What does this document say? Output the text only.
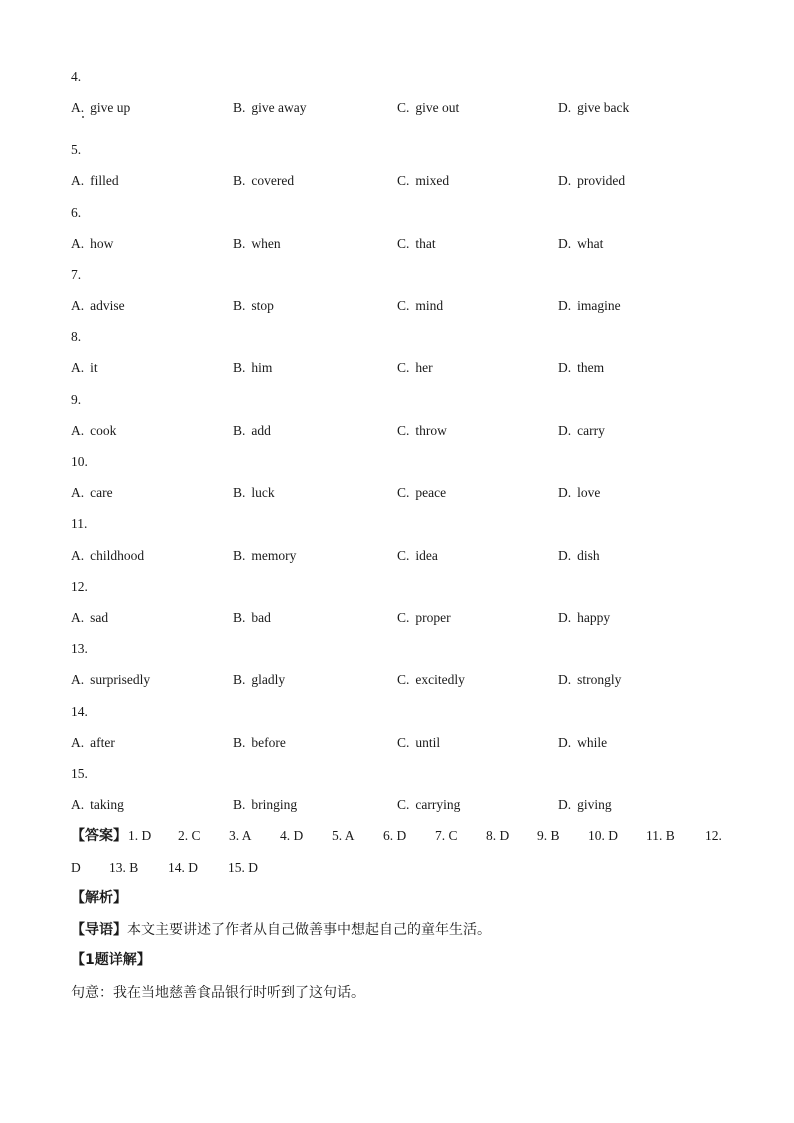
4.
A. give up	B. give away	C. give out	D. give back
5.
A. filled	B. covered	C. mixed	D. provided
6.
A. how	B. when	C. that	D. what
7.
A. advise	B. stop	C. mind	D. imagine
8.
A. it	B. him	C. her	D. them
9.
A. cook	B. add	C. throw	D. carry
10.
A. care	B. luck	C. peace	D. love
11.
A. childhood	B. memory	C. idea	D. dish
12.
A. sad	B. bad	C. proper	D. happy
13.
A. surprisedly	B. gladly	C. excitedly	D. strongly
14.
A. after	B. before	C. until	D. while
15.
A. taking	B. bringing	C. carrying	D. giving
【答案】 1. D 2. C 3. A 4. D 5. A 6. D 7. C 8. D 9. B 10. D 11. B 12.
D 13. B 14. D 15. D
【解析】
【导语】本文主要讲述了作者从自己做善事中想起自己的童年生活。
【1题详解】
句意：我在当地慈善食品银行时听到了这句话。
